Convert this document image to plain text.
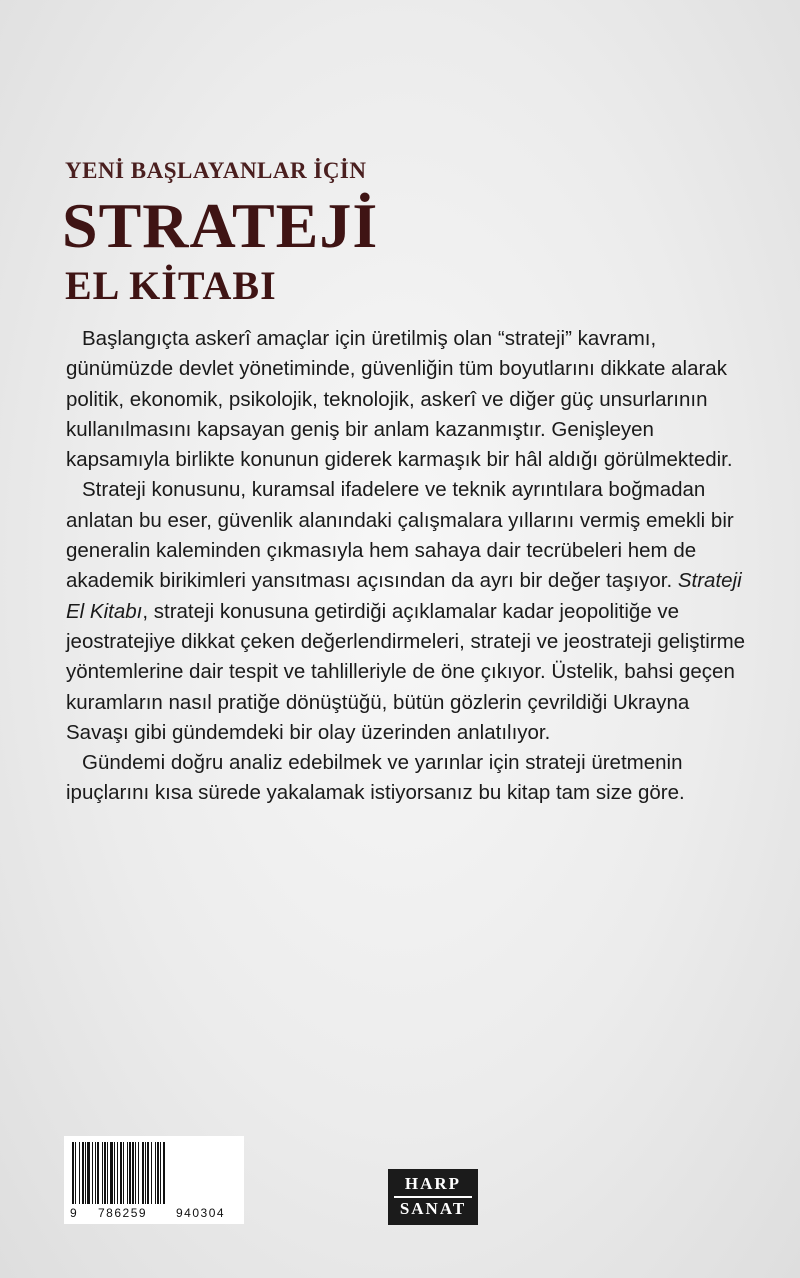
YENİ BAŞLAYANLAR İÇİN
STRATEJİ
EL KİTABI

Başlangıçta askerî amaçlar için üretilmiş olan “strateji” kavramı, günümüzde devlet yönetiminde, güvenliğin tüm boyutlarını dikkate alarak politik, ekonomik, psikolojik, teknolojik, askerî ve diğer güç unsurlarının kullanılmasını kapsayan geniş bir anlam kazanmıştır. Genişleyen kapsamıyla birlikte konunun giderek karmaşık bir hâl aldığı görülmektedir.

Strateji konusunu, kuramsal ifadelere ve teknik ayrıntılara boğmadan anlatan bu eser, güvenlik alanındaki çalışmalara yıllarını vermiş emekli bir generalin kaleminden çıkmasıyla hem sahaya dair tecrübeleri hem de akademik birikimleri yansıtması açısından da ayrı bir değer taşıyor. Strateji El Kitabı, strateji konusuna getirdiği açıklamalar kadar jeopolitiğe ve jeostratejiye dikkat çeken değerlendirmeleri, strateji ve jeostrateji geliştirme yöntemlerine dair tespit ve tahlilleriyle de öne çıkıyor. Üstelik, bahsi geçen kuramların nasıl pratiğe dönüştüğü, bütün gözlerin çevrildiği Ukrayna Savaşı gibi gündemdeki bir olay üzerinden anlatılıyor.

Gündemi doğru analiz edebilmek ve yarınlar için strateji üretmenin ipuçlarını kısa sürede yakalamak istiyorsanız bu kitap tam size göre.

9 786259 940304
HARP
SANAT
